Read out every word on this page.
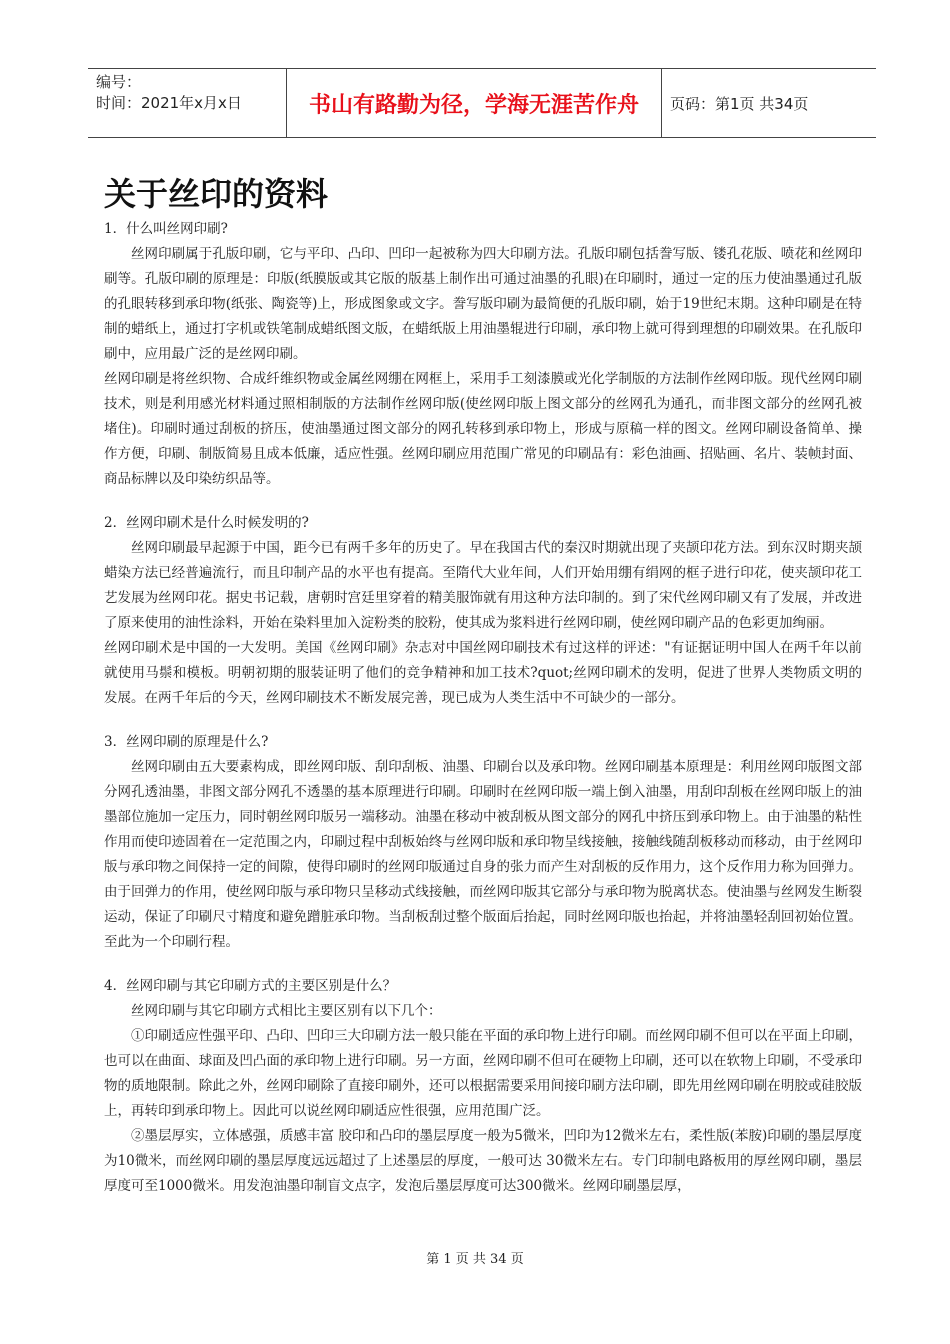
编号：
时间：2021年x月x日	书山有路勤为径，学海无涯苦作舟	页码：第1页 共34页
关于丝印的资料
1．什么叫丝网印刷?

丝网印刷属于孔版印刷，它与平印、凸印、凹印一起被称为四大印刷方法。孔版印刷包括誊写版、镂孔花版、喷花和丝网印刷等。孔版印刷的原理是：印版(纸膜版或其它版的版基上制作出可通过油墨的孔眼)在印刷时，通过一定的压力使油墨通过孔版的孔眼转移到承印物(纸张、陶瓷等)上，形成图象或文字。誊写版印刷为最简便的孔版印刷，始于19世纪末期。这种印刷是在特制的蜡纸上，通过打字机或铁笔制成蜡纸图文版，在蜡纸版上用油墨辊进行印刷，承印物上就可得到理想的印刷效果。在孔版印刷中，应用最广泛的是丝网印刷。

丝网印刷是将丝织物、合成纤维织物或金属丝网绷在网框上，采用手工刻漆膜或光化学制版的方法制作丝网印版。现代丝网印刷技术，则是利用感光材料通过照相制版的方法制作丝网印版(使丝网印版上图文部分的丝网孔为通孔，而非图文部分的丝网孔被堵住)。印刷时通过刮板的挤压，使油墨通过图文部分的网孔转移到承印物上，形成与原稿一样的图文。丝网印刷设备简单、操作方便，印刷、制版简易且成本低廉，适应性强。丝网印刷应用范围广常见的印刷品有：彩色油画、招贴画、名片、装帧封面、商品标牌以及印染纺织品等。

2．丝网印刷术是什么时候发明的?

丝网印刷最早起源于中国，距今已有两千多年的历史了。早在我国古代的秦汉时期就出现了夹颉印花方法。到东汉时期夹颉蜡染方法已经普遍流行，而且印制产品的水平也有提高。至隋代大业年间，人们开始用绷有绢网的框子进行印花，使夹颉印花工艺发展为丝网印花。据史书记载，唐朝时宫廷里穿着的精美服饰就有用这种方法印制的。到了宋代丝网印刷又有了发展，并改进了原来使用的油性涂料，开始在染料里加入淀粉类的胶粉，使其成为浆料进行丝网印刷，使丝网印刷产品的色彩更加绚丽。

丝网印刷术是中国的一大发明。美国《丝网印刷》杂志对中国丝网印刷技术有过这样的评述："有证据证明中国人在两千年以前就使用马鬃和模板。明朝初期的服装证明了他们的竞争精神和加工技术?quot;丝网印刷术的发明，促进了世界人类物质文明的发展。在两千年后的今天，丝网印刷技术不断发展完善，现已成为人类生活中不可缺少的一部分。

3．丝网印刷的原理是什么?

丝网印刷由五大要素构成，即丝网印版、刮印刮板、油墨、印刷台以及承印物。丝网印刷基本原理是：利用丝网印版图文部分网孔透油墨，非图文部分网孔不透墨的基本原理进行印刷。印刷时在丝网印版一端上倒入油墨，用刮印刮板在丝网印版上的油墨部位施加一定压力，同时朝丝网印版另一端移动。油墨在移动中被刮板从图文部分的网孔中挤压到承印物上。由于油墨的粘性作用而使印迹固着在一定范围之内，印刷过程中刮板始终与丝网印版和承印物呈线接触，接触线随刮板移动而移动，由于丝网印版与承印物之间保持一定的间隙，使得印刷时的丝网印版通过自身的张力而产生对刮板的反作用力，这个反作用力称为回弹力。由于回弹力的作用，使丝网印版与承印物只呈移动式线接触，而丝网印版其它部分与承印物为脱离状态。使油墨与丝网发生断裂运动，保证了印刷尺寸精度和避免蹭脏承印物。当刮板刮过整个版面后抬起，同时丝网印版也抬起，并将油墨轻刮回初始位置。至此为一个印刷行程。

4．丝网印刷与其它印刷方式的主要区别是什么？

丝网印刷与其它印刷方式相比主要区别有以下几个：

①印刷适应性强平印、凸印、凹印三大印刷方法一般只能在平面的承印物上进行印刷。而丝网印刷不但可以在平面上印刷，也可以在曲面、球面及凹凸面的承印物上进行印刷。另一方面，丝网印刷不但可在硬物上印刷，还可以在软物上印刷，不受承印物的质地限制。除此之外，丝网印刷除了直接印刷外，还可以根据需要采用间接印刷方法印刷，即先用丝网印刷在明胶或硅胶版上，再转印到承印物上。因此可以说丝网印刷适应性很强，应用范围广泛。

②墨层厚实，立体感强，质感丰富 胶印和凸印的墨层厚度一般为5微米，凹印为12微米左右，柔性版(苯胺)印刷的墨层厚度为10微米，而丝网印刷的墨层厚度远远超过了上述墨层的厚度，一般可达 30微米左右。专门印制电路板用的厚丝网印刷，墨层厚度可至1000微米。用发泡油墨印制盲文点字，发泡后墨层厚度可达300微米。丝网印刷墨层厚，

第 1 页 共 34 页
